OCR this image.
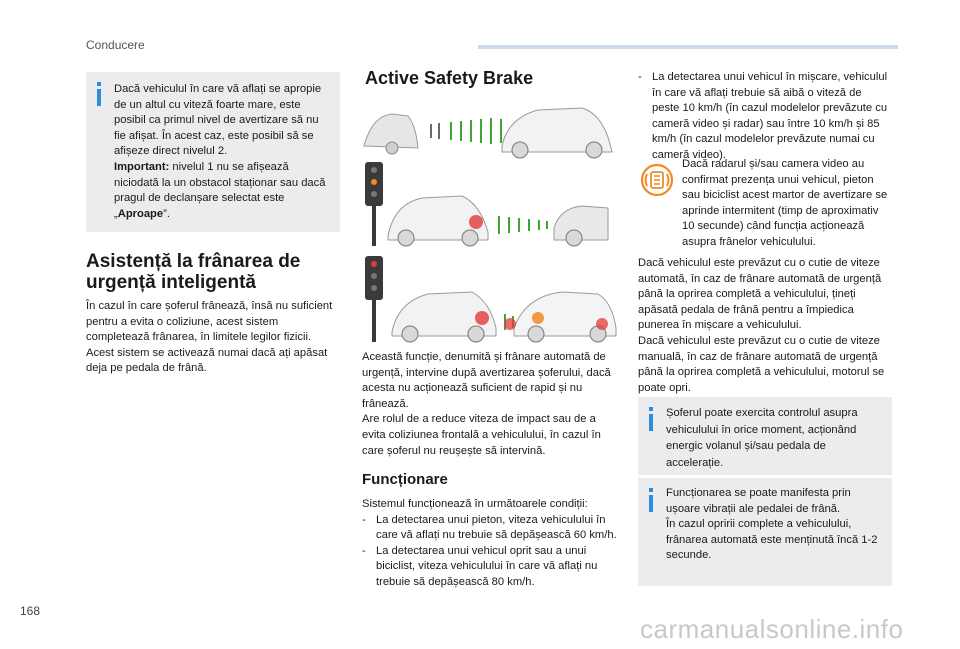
Conducere

Dacă vehiculul în care vă aflați se apropie de un altul cu viteză foarte mare, este posibil ca primul nivel de avertizare să nu fie afișat. În acest caz, este posibil să se afișeze direct nivelul 2.

Important: nivelul 1 nu se afișează niciodată la un obstacol staționar sau dacă pragul de declanșare selectat este „Aproape”.

Asistență la frânarea de urgență inteligentă

În cazul în care șoferul frânează, însă nu suficient pentru a evita o coliziune, acest sistem completează frânarea, în limitele legilor fizicii.

Acest sistem se activează numai dacă ați apăsat deja pe pedala de frână.

Active Safety Brake

Această funcție, denumită și frânare automată de urgență, intervine după avertizarea șoferului, dacă acesta nu acționează suficient de rapid și nu frânează.

Are rolul de a reduce viteza de impact sau de a evita coliziunea frontală a vehiculului, în cazul în care șoferul nu reușește să intervină.

Funcționare

Sistemul funcționează în următoarele condiții:

- La detectarea unui pieton, viteza vehiculului în care vă aflați nu trebuie să depășească 60 km/h.
- La detectarea unui vehicul oprit sau a unui biciclist, viteza vehiculului în care vă aflați nu trebuie să depășească 80 km/h.
- La detectarea unui vehicul în mișcare, vehiculul în care vă aflați trebuie să aibă o viteză de peste 10 km/h (în cazul modelelor prevăzute cu cameră video și radar) sau între 10 km/h și 85 km/h (în cazul modelelor prevăzute numai cu cameră video).
Dacă radarul și/sau camera video au confirmat prezența unui vehicul, pieton sau biciclist acest martor de avertizare se aprinde intermitent (timp de aproximativ 10 secunde) când funcția acționează asupra frânelor vehiculului.

Dacă vehiculul este prevăzut cu o cutie de viteze automată, în caz de frânare automată de urgență până la oprirea completă a vehiculului, țineți apăsată pedala de frână pentru a împiedica punerea în mișcare a vehiculului.

Dacă vehiculul este prevăzut cu o cutie de viteze manuală, în caz de frânare automată de urgență până la oprirea completă a vehiculului, motorul se poate opri.

Șoferul poate exercita controlul asupra vehiculului în orice moment, acționând energic volanul și/sau pedala de accelerație.

Funcționarea se poate manifesta prin ușoare vibrații ale pedalei de frână.

În cazul opririi complete a vehiculului, frânarea automată este menținută încă 1-2 secunde.

168
carmanualsonline.info
